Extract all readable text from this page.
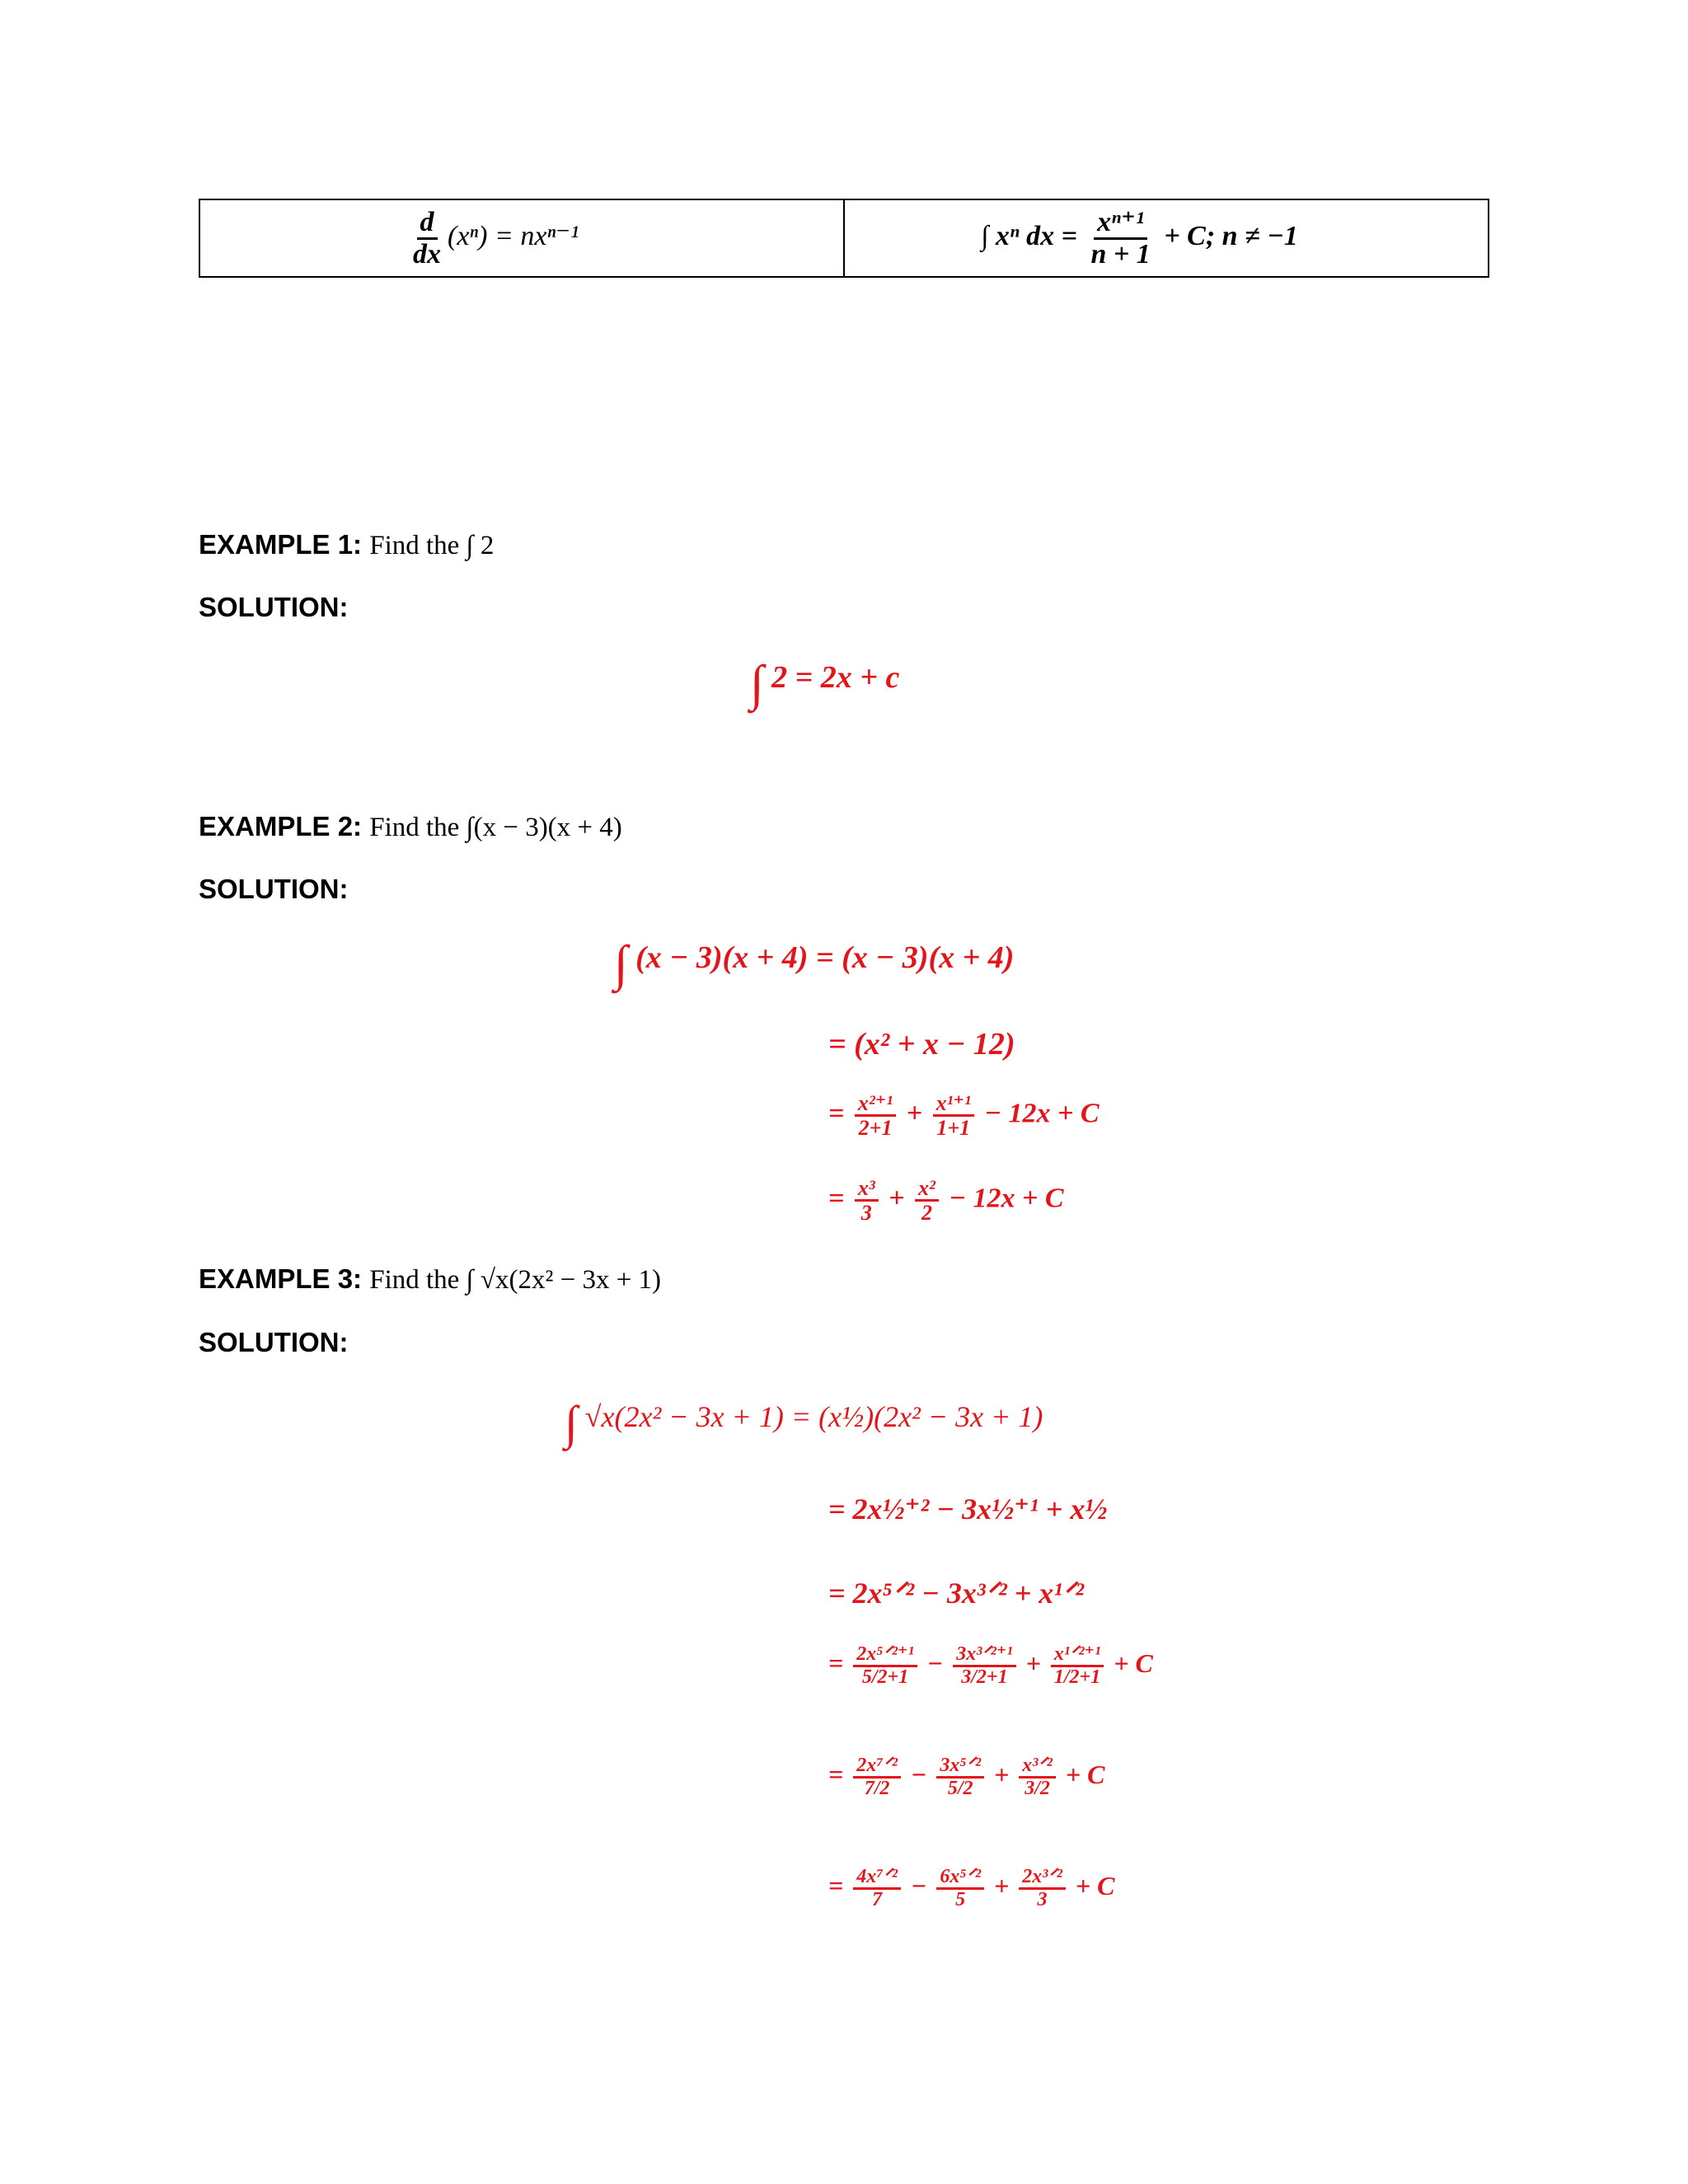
$\frac{d}{dx} (x^n) = nx^{n-1}$	∫ xⁿ dx = $\frac{\text{xⁿ⁺¹}}{n + 1} + C$; n ≠ −1
EXAMPLE 1: Find the ∫ 2
SOLUTION:
∫ 2 = 2x + c
EXAMPLE 2: Find the ∫(x − 3)(x + 4)
SOLUTION:
∫ (x − 3)(x + 4) = (x − 3)(x + 4)
= (x² + x − 12)
= $\frac{\text{x²⁺¹}}{2+1} + \frac{\text{x¹⁺¹}}{1+1} - 12x + C$
= $\frac{\text{x³}}{3} + \frac{\text{x²}}{2} - 12x + C$
EXAMPLE 3: Find the ∫ √x(2x² − 3x + 1)
SOLUTION:
∫ √x(2x² − 3x + 1) = (x½)(2x² − 3x + 1)
= 2x½⁺² − 3x½⁺¹ + x½
= 2x⁵ᐟ² − 3x³ᐟ² + x¹ᐟ²
= $\frac{\text{2x⁵ᐟ²⁺¹}}{5/2+1} - \frac{\text{3x³ᐟ²⁺¹}}{3/2+1} + \frac{\text{x¹ᐟ²⁺¹}}{1/2+1} + C$
= $\frac{\text{2x⁷ᐟ²}}{7/2} - \frac{\text{3x⁵ᐟ²}}{5/2} + \frac{\text{x³ᐟ²}}{3/2} + C$
= $\frac{\text{4x⁷ᐟ²}}{7} - \frac{\text{6x⁵ᐟ²}}{5} + \frac{\text{2x³ᐟ²}}{3} + C$
